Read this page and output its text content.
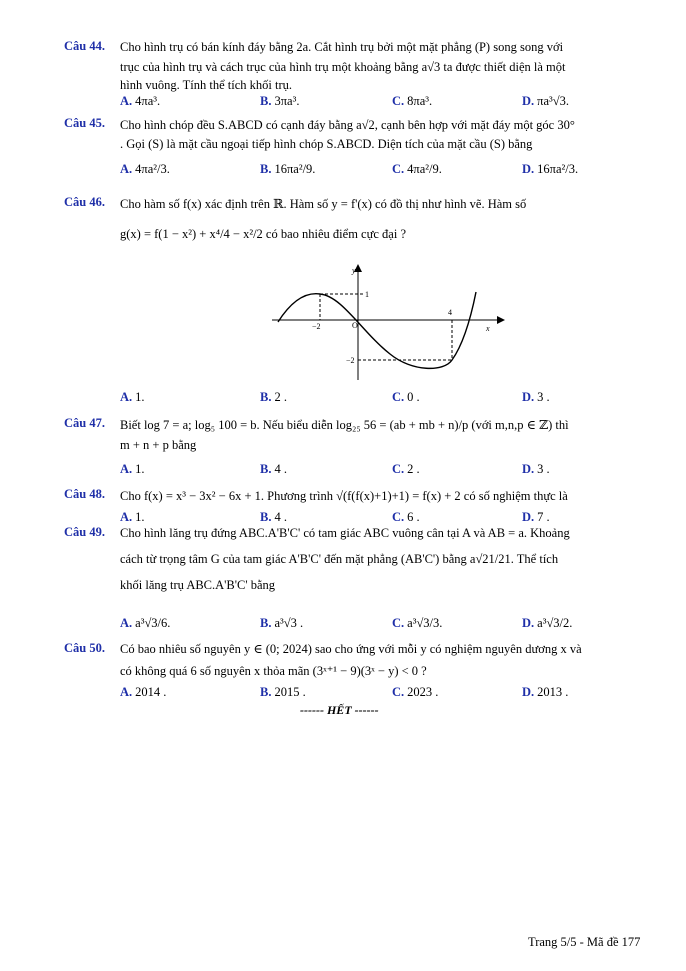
Câu 44. Cho hình trụ có bán kính đáy bằng 2a. Cắt hình trụ bởi một mặt phẳng (P) song song với
trục của hình trụ và cách trục của hình trụ một khoảng bằng a√3 ta được thiết diện là một
hình vuông. Tính thể tích khối trụ.
A. 4πa³.	B. 3πa³.	C. 8πa³.	D. πa³√3.
Câu 45. Cho hình chóp đều S.ABCD có cạnh đáy bằng a√2, cạnh bên hợp với mặt đáy một góc 30°
. Gọi (S) là mặt cầu ngoại tiếp hình chóp S.ABCD. Diện tích của mặt cầu (S) bằng
A. 4πa²/3.	B. 16πa²/9.	C. 4πa²/9.	D. 16πa²/3.
Câu 46. Cho hàm số f(x) xác định trên ℝ. Hàm số y = f'(x) có đồ thị như hình vẽ. Hàm số
g(x) = f(1 − x²) + x⁴/4 − x²/2 có bao nhiêu điểm cực đại ?
y
x
O
1
−2
4
−2
A. 1.	B. 2 .	C. 0 .	D. 3 .
Câu 47. Biết log 7 = a; log₅ 100 = b. Nếu biểu diễn log₂₅ 56 = (ab + mb + n)/p (với m,n,p ∈ ℤ) thì
m + n + p bằng
A. 1.	B. 4 .	C. 2 .	D. 3 .
Câu 48. Cho f(x) = x³ − 3x² − 6x + 1. Phương trình √(f(f(x)+1)+1) = f(x) + 2 có số nghiệm thực là
A. 1.	B. 4 .	C. 6 .	D. 7 .
Câu 49. Cho hình lăng trụ đứng ABC.A'B'C' có tam giác ABC vuông cân tại A và AB = a. Khoảng
cách từ trọng tâm G của tam giác A'B'C' đến mặt phẳng (AB'C') bằng a√21/21. Thể tích
khối lăng trụ ABC.A'B'C' bằng
A. a³√3/6.	B. a³√3 .	C. a³√3/3.	D. a³√3/2.
Câu 50. Có bao nhiêu số nguyên y ∈ (0; 2024) sao cho ứng với mỗi y có nghiệm nguyên dương x và
có không quá 6 số nguyên x thỏa mãn (3ˣ⁺¹ − 9)(3ˣ − y) < 0 ?
A. 2014 .	B. 2015 .	C. 2023 .	D. 2013 .
------ HẾT ------
Trang 5/5 - Mã đề 177
